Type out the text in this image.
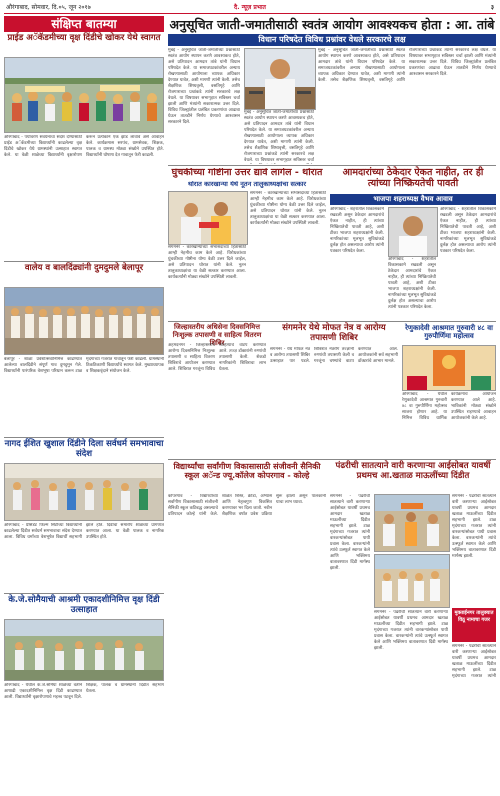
औरंगाबाद, सोमवार, दि.०५, जून २०१७	दै. न्यूज़ प्रभात	३
संक्षिप्त बातम्या
प्राईड अॅकॅडमीच्या वृक्ष दिंडीचे खोकर येथे स्वागत
औरंगाबाद - पर्यावरण संवर्धनाचा संदेश देण्यासाठी प्राईड अॅकॅडमीच्या विद्यार्थ्यांनी काढलेल्या वृक्ष दिंडीचे खोकर येथे ग्रामस्थांनी उत्साहात स्वागत केले. या वेळी शाळेच्या विद्यार्थ्यांनी वृक्षारोपण करून प्रत्येकाने एक झाड लावावे असे आवाहन केले. कार्यक्रमास सरपंच, ग्रामसेवक, शिक्षक, पालक व ग्रामस्थ मोठ्या संख्येने उपस्थित होते. विद्यार्थ्यांनी घोषणा देत गावातून फेरी काढली.
वालेय व बालदिंढ्यांनी दुमदुमले बेलापूर
बेलापूर - शाळा प्रवेशोत्सवानिमित्त काढण्यात आलेल्या बालदिंडीने संपूर्ण गाव दुमदुमून गेले. विद्यार्थ्यांनी पारंपरिक वेशभूषा परिधान करून टाळ मृदंगाच्या गजरात गावातून फेरी काढली. ग्रामस्थांनी ठिकठिकाणी विद्यार्थ्यांचे स्वागत केले. मुख्याध्यापक व शिक्षकवृंदाने संयोजन केले.
नागद ईशित खुशाल दिंडीने दिला सर्वधर्म समभावाचा संदेश
औरंगाबाद - प्रेसिडेंट फिल्म सिटीच्या विद्यार्थ्यांनी काढलेल्या दिंडीत सर्वधर्म समभावाचा संदेश देण्यात आला. विविध धर्मांच्या वेशभूषेत विद्यार्थी सहभागी झाले होते. दिंडीचा समारोप शाळेच्या प्रांगणात करण्यात आला. या वेळी पालक व नागरिक उपस्थित होते.
के.जे.सोमैयाची आश्रमी एकादशीनिमित्त वृक्ष दिंडी उत्साहात
औरंगाबाद - येथील के.जे.सोमैया शाळेच्या वतीने आषाढी एकादशीनिमित्त वृक्ष दिंडी काढण्यात आली. विद्यार्थ्यांनी वृक्षारोपणाचे महत्त्व पटवून दिले. शिक्षक, पालक व ग्रामस्थांनी दिंडीत सहभाग घेतला.
अनुसूचित जाती-जमातीसाठी स्वतंत्र आयोग आवश्यकच होता : आ. तांबे
विधान परिषदेत विविध प्रश्नांवर वेधले सरकारचे लक्ष
मुंबई - अनुसूचित जाती-जमातींच्या प्रश्नांसाठी स्वतंत्र आयोग स्थापन करणे आवश्यकच होते, असे प्रतिपादन आमदार तांबे यांनी विधान परिषदेत केले. या समाजघटकांवरील अन्याय रोखण्यासाठी आयोगाला व्यापक अधिकार देण्यात यावेत, अशी मागणी त्यांनी केली. तसेच शैक्षणिक शिष्यवृत्ती, वसतिगृहे आणि रोजगाराच्या प्रश्नांकडे त्यांनी सरकारचे लक्ष वेधले. या विषयावर सभागृहात सविस्तर चर्चा झाली आणि मंत्र्यांनी सकारात्मक उत्तर दिले. विविध जिल्ह्यांतील प्रलंबित प्रकरणांचा आढावा घेऊन तातडीने निर्णय घेण्याचे आश्वासन सरकारने दिले.
मुंबई - अनुसूचित जाती-जमातींच्या प्रश्नांसाठी स्वतंत्र आयोग स्थापन करणे आवश्यकच होते, असे प्रतिपादन आमदार तांबे यांनी विधान परिषदेत केले. या समाजघटकांवरील अन्याय रोखण्यासाठी आयोगाला व्यापक अधिकार देण्यात यावेत, अशी मागणी त्यांनी केली. तसेच शैक्षणिक शिष्यवृत्ती, वसतिगृहे आणि रोजगाराच्या प्रश्नांकडे त्यांनी सरकारचे लक्ष वेधले. या विषयावर सभागृहात सविस्तर चर्चा
मुंबई - अनुसूचित जाती-जमातींच्या प्रश्नांसाठी स्वतंत्र आयोग स्थापन करणे आवश्यकच होते, असे प्रतिपादन आमदार तांबे यांनी विधान परिषदेत केले. या समाजघटकांवरील अन्याय रोखण्यासाठी आयोगाला व्यापक अधिकार देण्यात यावेत, अशी मागणी त्यांनी केली. तसेच शैक्षणिक शिष्यवृत्ती, वसतिगृहे आणि रोजगाराच्या प्रश्नांकडे त्यांनी सरकारचे लक्ष वेधले. या विषयावर सभागृहात सविस्तर चर्चा झाली आणि मंत्र्यांनी सकारात्मक उत्तर दिले. विविध जिल्ह्यांतील प्रलंबित प्रकरणांचा आढावा घेऊन तातडीने निर्णय घेण्याचे आश्वासन सरकारने दिले.
घुंचकीच्या गोष्टीना उत्तर द्यावे लागेल - थोरात
थोरात कारखान्या येथे नूतन तालुकाध्यक्षांचा सत्कार
संगमनेर - कारखान्याच्या सभासदांच्या हितासाठी आम्ही नेहमीच काम केले आहे. विरोधकांच्या घुंचकीच्या गोष्टीना योग्य वेळी उत्तर दिले जाईल, असे प्रतिपादन थोरात यांनी केले. नूतन तालुकाध्यक्षांचा या वेळी सत्कार करण्यात आला. कार्यकर्त्यांनी मोठ्या संख्येने उपस्थिती लावली.
संगमनेर - कारखान्याच्या सभासदांच्या हितासाठी आम्ही नेहमीच काम केले आहे. विरोधकांच्या घुंचकीच्या गोष्टीना योग्य वेळी उत्तर दिले जाईल, असे प्रतिपादन थोरात यांनी केले. नूतन तालुकाध्यक्षांचा या वेळी सत्कार करण्यात आला. कार्यकर्त्यांनी मोठ्या संख्येने उपस्थिती लावली.
आमदारांच्या ठेकेदार ऐकत नाहीत, तर ही त्यांच्या निष्क्रियतेची पावती
भाजपा शहराध्यक्ष वैभव आवाव
औरंगाबाद - शहरातील विकासकामे रखडली असून ठेकेदार आमदारांचे ऐकत नाहीत, ही त्यांच्या निष्क्रियतेची पावती आहे, अशी टीका भाजपा शहराध्यक्षांनी केली. नागरिकांच्या मूलभूत सुविधांकडे दुर्लक्ष होत असल्याचा आरोप त्यांनी पत्रकार परिषदेत केला.
औरंगाबाद - शहरातील विकासकामे रखडली असून ठेकेदार आमदारांचे ऐकत नाहीत, ही त्यांच्या निष्क्रियतेची पावती आहे, अशी टीका भाजपा शहराध्यक्षांनी केली. नागरिकांच्या मूलभूत सुविधांकडे दुर्लक्ष होत असल्याचा आरोप त्यांनी पत्रकार परिषदेत केला.
औरंगाबाद - शहरातील विकासकामे रखडली असून ठेकेदार आमदारांचे ऐकत नाहीत, ही त्यांच्या निष्क्रियतेची पावती आहे, अशी टीका भाजपा शहराध्यक्षांनी केली. नागरिकांच्या मूलभूत सुविधांकडे दुर्लक्ष होत असल्याचा आरोप त्यांनी पत्रकार परिषदेत केला.
जिल्हास्तरीय अधिसेना दिवसनिमित्त निःशुल्क तपासणी व साहित्य वितरण शिबिर
अहमदनगर - जिल्हास्तरीय आरोग्य दिवसनिमित्त निःशुल्क तपासणी व साहित्य वितरण शिबिराचे आयोजन करण्यात आले. शिबिरात गरजूंना विविध साहित्याचे वाटप करण्यात आले. तज्ज्ञ डॉक्टरांनी रुग्णांची तपासणी केली. शेकडो नागरिकांनी शिबिराचा लाभ घेतला.
संगमनेर येथे मोफत नेत्र व आरोग्य तपासणी शिबिर
संगमनेर - येथे मोफत नेत्र व आरोग्य तपासणी शिबिर उत्साहात पार पडले. शिबिरात नेत्ररोग तज्ज्ञांनी रुग्णांची तपासणी केली व गरजूंना चष्म्यांचे वाटप करण्यात आले. आयोजकांनी सर्व सहभागी डॉक्टरांचे आभार मानले.
रेणुकादेवी आश्रमात गुरुवारी ४८ वा गुरुपौर्णिमा महोत्सव
औरंगाबाद - येथील रेणुकादेवी आश्रमात गुरुवारी ४८ वा गुरुपौर्णिमा महोत्सव साजरा होणार आहे. या निमित्त विविध धार्मिक कार्यक्रमांचे आयोजन करण्यात आले आहे. भाविकांनी मोठ्या संख्येने उपस्थित राहण्याचे आवाहन आयोजकांनी केले आहे.
विद्यार्थ्यांचा सर्वांगीण विकासासाठी संजीवनी सैनिकी स्कूल अॅन्ड ज्यू.कॉलेज कोपरगाव - कोल्हे
कोपरगाव - विद्यार्थ्यांच्या सर्वांगीण विकासासाठी संजीवनी सैनिकी स्कूल कटिबद्ध असल्याचे प्रतिपादन कोल्हे यांनी केले. शाळेत शिस्त, क्रीडा, अभ्यास आणि नेतृत्वगुण विकसित करण्यावर भर दिला जातो. नवीन शैक्षणिक वर्षात प्रवेश प्रक्रिया सुरू झाली असून पालकांनी याचा लाभ घ्यावा.
पंढरीची सातत्याने वारी करणाऱ्या आईसोबत यावर्षी प्रथमच आ.खताळ माऊलींच्या दिंडीत
संगमनेर - पंढरीची सातत्याने वारी करणाऱ्या आईसोबत यावर्षी प्रथमच आमदार खताळ माऊलींच्या दिंडीत सहभागी झाले. टाळ मृदंगाच्या गजरात त्यांनी वारकऱ्यांसोबत पायी प्रवास केला. वारकऱ्यांनी त्यांचे उत्स्फूर्त स्वागत केले आणि भक्तिमय वातावरणात दिंडी मार्गस्थ झाली.
संगमनेर - पंढरीची सातत्याने वारी करणाऱ्या आईसोबत यावर्षी प्रथमच आमदार खताळ माऊलींच्या दिंडीत सहभागी झाले. टाळ मृदंगाच्या गजरात त्यांनी वारकऱ्यांसोबत पायी प्रवास केला. वारकऱ्यांनी त्यांचे उत्स्फूर्त स्वागत केले आणि भक्तिमय वातावरणात दिंडी मार्गस्थ झाली.
संगमनेर - पंढरीची सातत्याने वारी करणाऱ्या आईसोबत यावर्षी प्रथमच आमदार खताळ माऊलींच्या दिंडीत सहभागी झाले. टाळ मृदंगाच्या गजरात त्यांनी वारकऱ्यांसोबत पायी प्रवास केला. वारकऱ्यांनी त्यांचे उत्स्फूर्त स्वागत केले आणि भक्तिमय वातावरणात दिंडी मार्गस्थ झाली.
मुक्ताईनगर तालुक्यात विठू नामाचा गजर
संगमनेर - पंढरीची सातत्याने वारी करणाऱ्या आईसोबत यावर्षी प्रथमच आमदार खताळ माऊलींच्या दिंडीत सहभागी झाले. टाळ मृदंगाच्या गजरात त्यांनी
